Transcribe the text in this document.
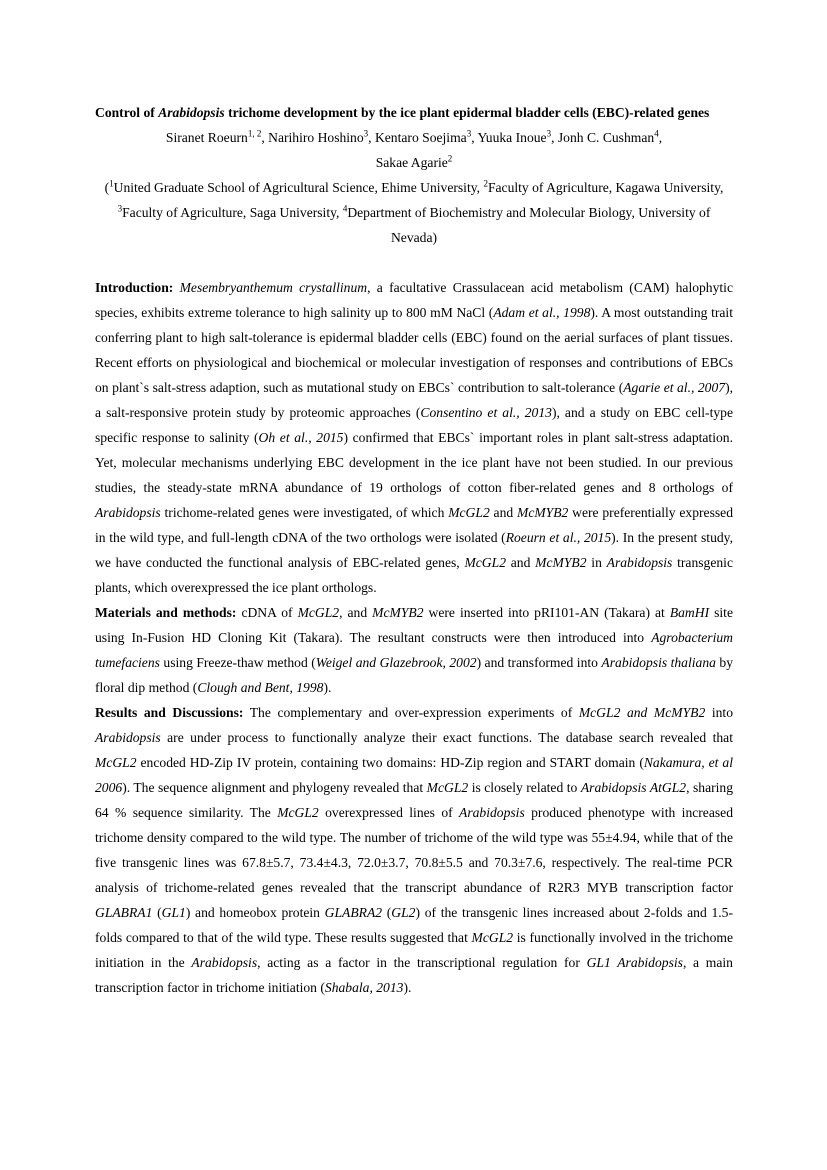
Control of Arabidopsis trichome development by the ice plant epidermal bladder cells (EBC)-related genes

Siranet Roeurn$^{1, 2}$, Narihiro Hoshino$^3$, Kentaro Soejima$^3$, Yuuka Inoue$^3$, Jonh C. Cushman$^4$,
Sakae Agarie$^2$

($^1$United Graduate School of Agricultural Science, Ehime University, $^2$Faculty of Agriculture, Kagawa University, $^3$Faculty of Agriculture, Saga University, $^4$Department of Biochemistry and Molecular Biology, University of Nevada)

Introduction: Mesembryanthemum crystallinum, a facultative Crassulacean acid metabolism (CAM) halophytic species, exhibits extreme tolerance to high salinity up to 800 mM NaCl (Adam et al., 1998). A most outstanding trait conferring plant to high salt-tolerance is epidermal bladder cells (EBC) found on the aerial surfaces of plant tissues. Recent efforts on physiological and biochemical or molecular investigation of responses and contributions of EBCs on plant`s salt-stress adaption, such as mutational study on EBCs` contribution to salt-tolerance (Agarie et al., 2007), a salt-responsive protein study by proteomic approaches (Consentino et al., 2013), and a study on EBC cell-type specific response to salinity (Oh et al., 2015) confirmed that EBCs` important roles in plant salt-stress adaptation. Yet, molecular mechanisms underlying EBC development in the ice plant have not been studied. In our previous studies, the steady-state mRNA abundance of 19 orthologs of cotton fiber-related genes and 8 orthologs of Arabidopsis trichome-related genes were investigated, of which McGL2 and McMYB2 were preferentially expressed in the wild type, and full-length cDNA of the two orthologs were isolated (Roeurn et al., 2015). In the present study, we have conducted the functional analysis of EBC-related genes, McGL2 and McMYB2 in Arabidopsis transgenic plants, which overexpressed the ice plant orthologs.

Materials and methods: cDNA of McGL2, and McMYB2 were inserted into pRI101-AN (Takara) at BamHI site using In-Fusion HD Cloning Kit (Takara). The resultant constructs were then introduced into Agrobacterium tumefaciens using Freeze-thaw method (Weigel and Glazebrook, 2002) and transformed into Arabidopsis thaliana by floral dip method (Clough and Bent, 1998).

Results and Discussions: The complementary and over-expression experiments of McGL2 and McMYB2 into Arabidopsis are under process to functionally analyze their exact functions. The database search revealed that McGL2 encoded HD-Zip IV protein, containing two domains: HD-Zip region and START domain (Nakamura, et al 2006). The sequence alignment and phylogeny revealed that McGL2 is closely related to Arabidopsis AtGL2, sharing 64 % sequence similarity. The McGL2 overexpressed lines of Arabidopsis produced phenotype with increased trichome density compared to the wild type. The number of trichome of the wild type was 55±4.94, while that of the five transgenic lines was 67.8±5.7, 73.4±4.3, 72.0±3.7, 70.8±5.5 and 70.3±7.6, respectively. The real-time PCR analysis of trichome-related genes revealed that the transcript abundance of R2R3 MYB transcription factor GLABRA1 (GL1) and homeobox protein GLABRA2 (GL2) of the transgenic lines increased about 2-folds and 1.5-folds compared to that of the wild type. These results suggested that McGL2 is functionally involved in the trichome initiation in the Arabidopsis, acting as a factor in the transcriptional regulation for GL1 Arabidopsis, a main transcription factor in trichome initiation (Shabala, 2013).
